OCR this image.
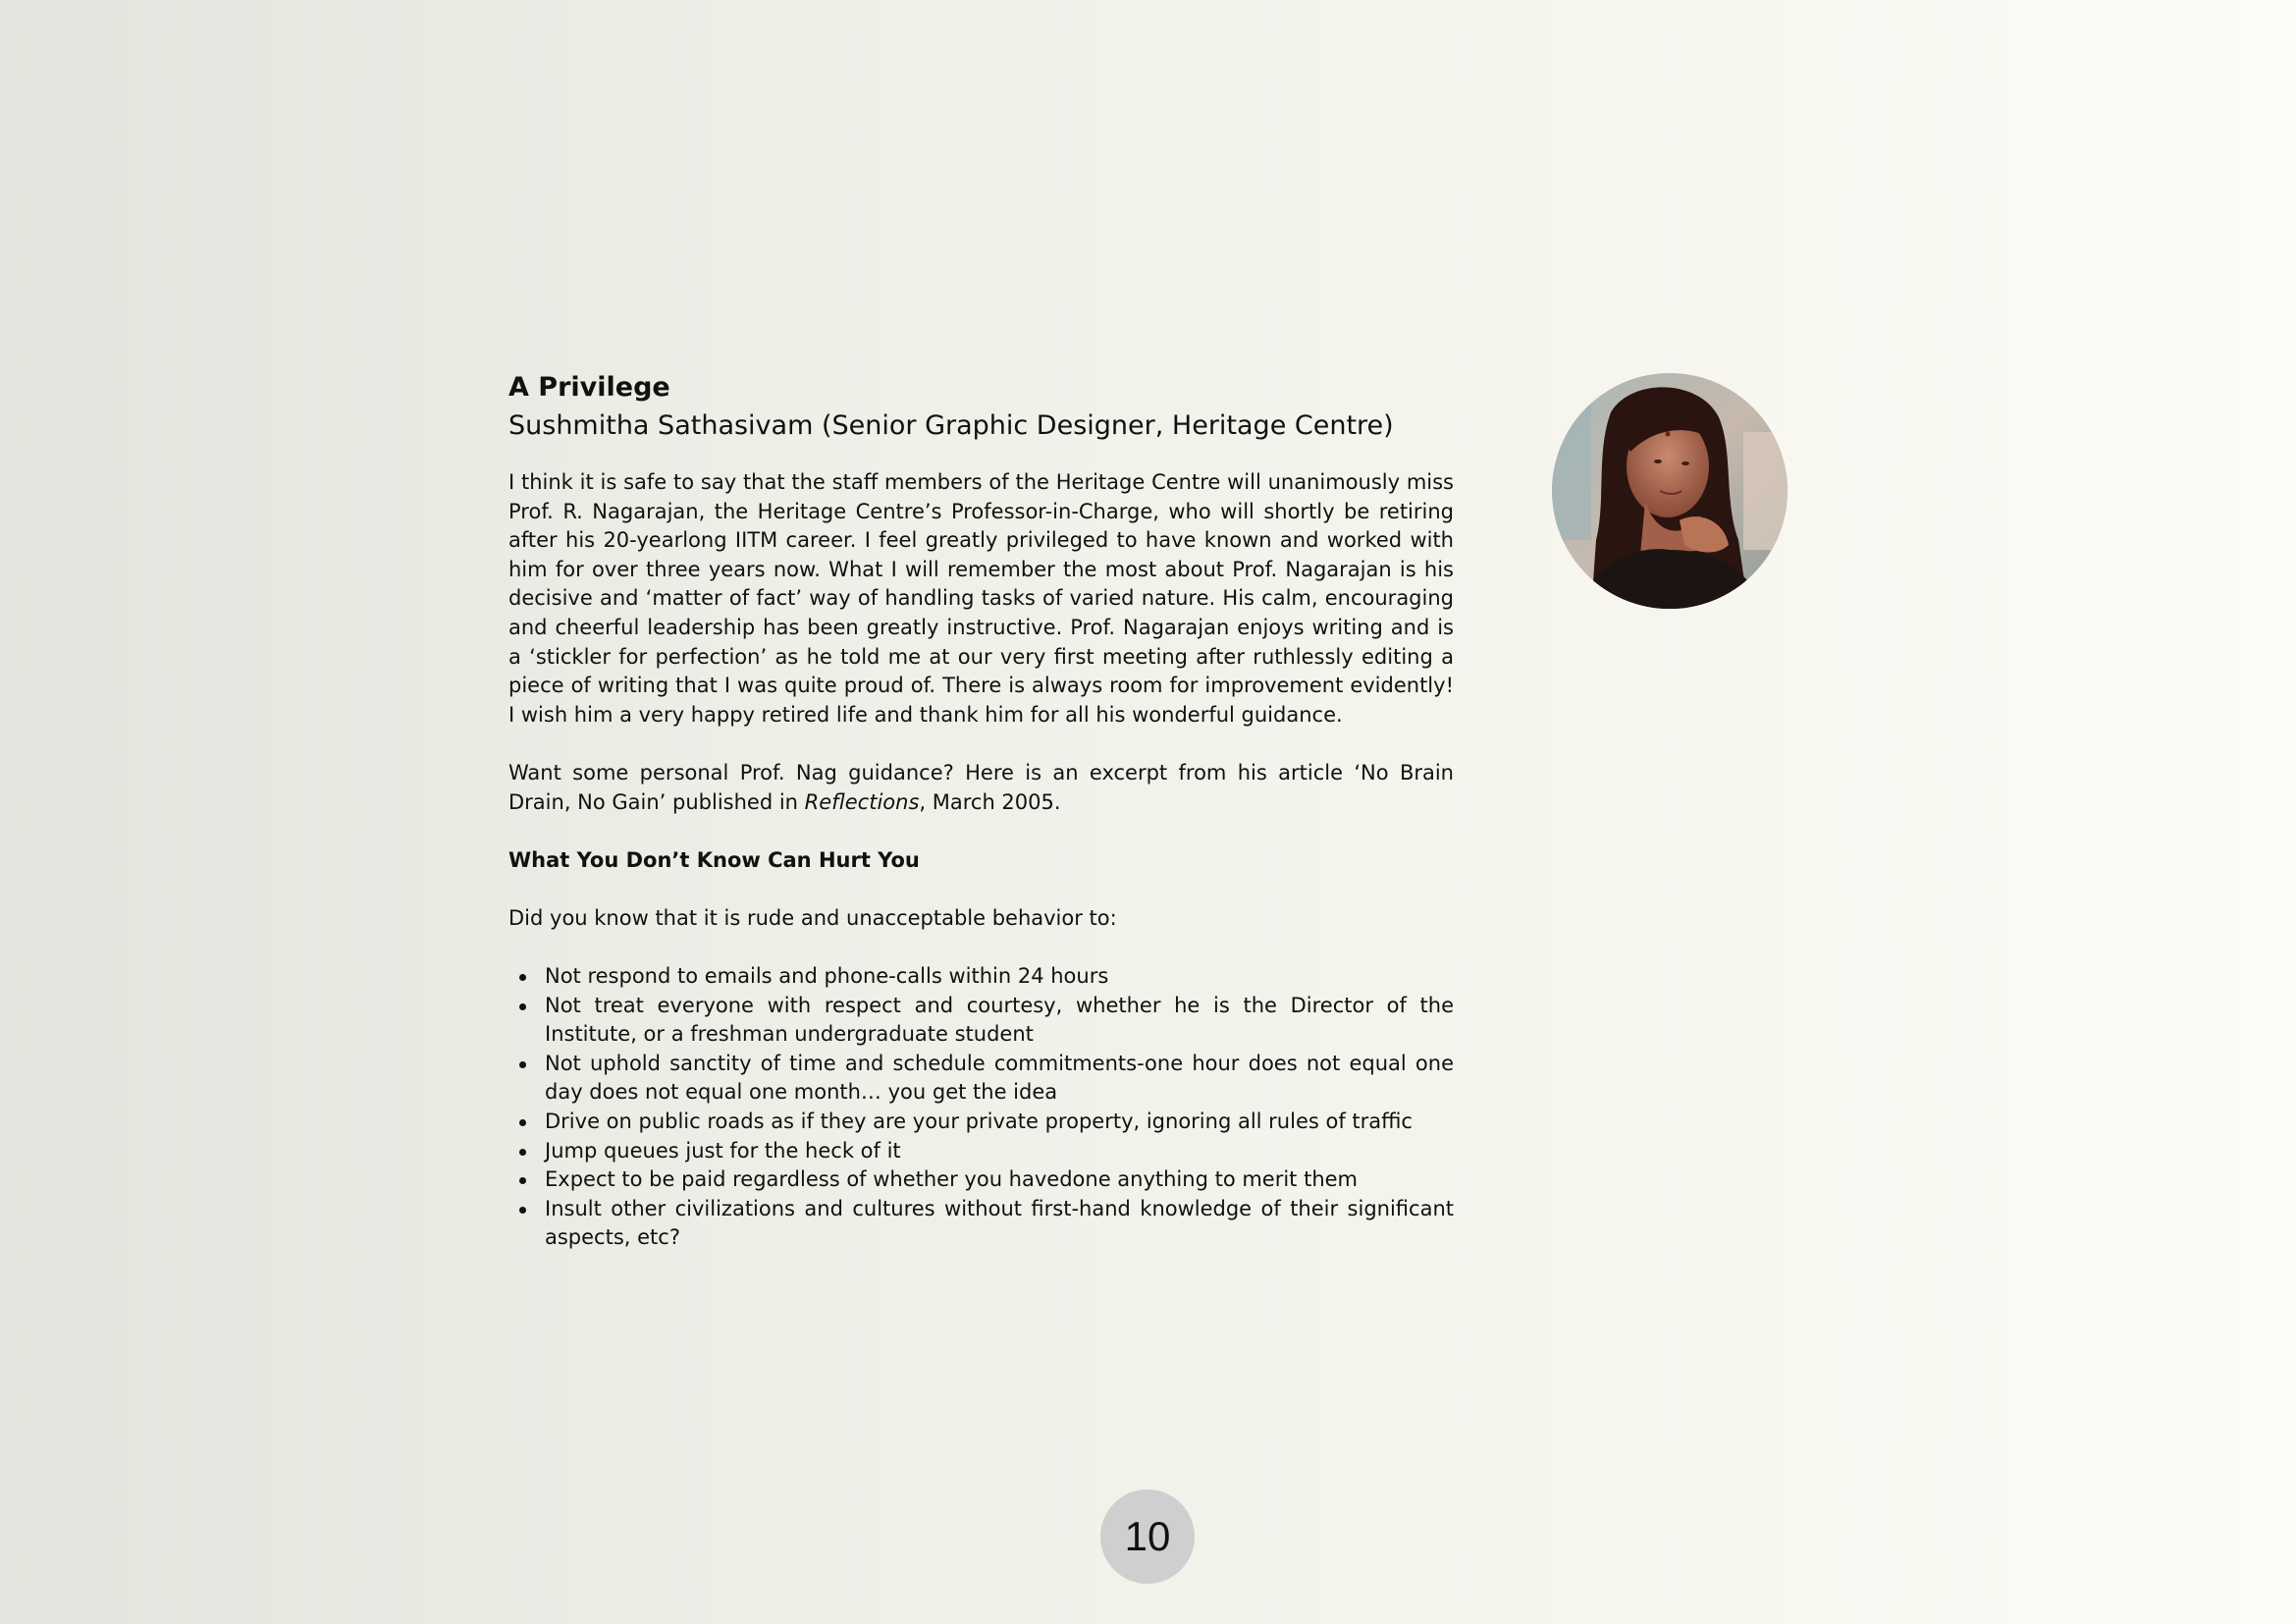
A Privilege
Sushmitha Sathasivam (Senior Graphic Designer, Heritage Centre)

I think it is safe to say that the staff members of the Heritage Centre will unanimously miss Prof. R. Nagarajan, the Heritage Centre’s Professor-in-Charge, who will shortly be retiring after his 20-yearlong IITM career. I feel greatly privileged to have known and worked with him for over three years now. What I will remember the most about Prof. Nagarajan is his decisive and ‘matter of fact’ way of handling tasks of varied nature. His calm, encouraging and cheerful leadership has been greatly instructive. Prof. Nagarajan enjoys writing and is a ‘stickler for perfection’ as he told me at our very first meeting after ruthlessly editing a piece of writing that I was quite proud of. There is always room for improvement evidently! I wish him a very happy retired life and thank him for all his wonderful guidance.

Want some personal Prof. Nag guidance? Here is an excerpt from his article ‘No Brain Drain, No Gain’ published in Reflections, March 2005.

What You Don’t Know Can Hurt You

Did you know that it is rude and unacceptable behavior to:

Not respond to emails and phone-calls within 24 hours
Not treat everyone with respect and courtesy, whether he is the Director of the Institute, or a freshman undergraduate student
Not uphold sanctity of time and schedule commitments-one hour does not equal one day does not equal one month… you get the idea
Drive on public roads as if they are your private property, ignoring all rules of traffic
Jump queues just for the heck of it
Expect to be paid regardless of whether you havedone anything to merit them
Insult other civilizations and cultures without first-hand knowledge of their significant aspects, etc?
10
